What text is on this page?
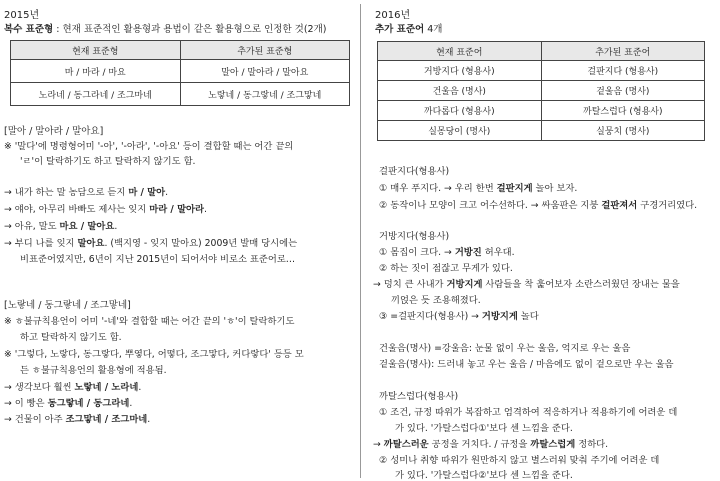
2015년
복수 표준형 : 현재 표준적인 활용형과 용법이 같은 활용형으로 인정한 것(2개)
현재 표준형	추가된 표준형
마 / 마라 / 마요	말아 / 말아라 / 말아요
노라네 / 동그라네 / 조그마네	노랗네 / 동그랗네 / 조그맣네
[말아 / 말아라 / 말아요]
※ '말다'에 명령형어미 '-아', '-아라', '-아요' 등이 결합할 때는 어간 끝의
'ㄹ'이 탈락하기도 하고 탈락하지 않기도 함.
→ 내가 하는 말 농담으로 듣지 마 / 말아.
→ 얘야, 아무리 바빠도 제사는 잊지 마라 / 말아라.
→ 아유, 말도 마요 / 말아요.
→ 부디 나를 잊지 말아요. (백지영 - 잊지 말아요) 2009년 발매 당시에는
비표준어였지만, 6년이 지난 2015년이 되어서야 비로소 표준어로…
[노랗네 / 동그랗네 / 조그맣네]
※ ㅎ불규칙용언이 어미 '-네'와 결합할 때는 어간 끝의 'ㅎ'이 탈락하기도
하고 탈락하지 않기도 함.
※ '그렇다, 노랗다, 동그랗다, 뿌옇다, 어떻다, 조그맣다, 커다랗다' 등등 모
든 ㅎ불규칙용언의 활용형에 적용됨.
→ 생각보다 훨씬 노랗네 / 노라네.
→ 이 빵은 동그랗네 / 동그라네.
→ 건물이 아주 조그맣네 / 조그마네.
2016년
추가 표준어 4개
현재 표준어	추가된 표준어
거방지다 (형용사)	걸판지다 (형용사)
건울음 (명사)	겉울음 (명사)
까다롭다 (형용사)	까탈스럽다 (형용사)
실몽당이 (명사)	실뭉치 (명사)
걸판지다(형용사)
① 매우 푸지다. → 우리 한번 걸판지게 놀아 보자.
② 동작이나 모양이 크고 어수선하다. → 싸움판은 지붕 걸판져서 구경거리였다.
거방지다(형용사)
① 몸집이 크다. → 거방진 허우대.
② 하는 짓이 점잖고 무게가 있다.
→ 덩치 큰 사내가 거방지게 사람들을 착 훑어보자 소란스러웠던 장내는 물을
끼얹은 듯 조용해졌다.
③ =걸판지다(형용사) → 거방지게 놀다
건울음(명사) =강울음: 눈물 없이 우는 울음, 억지로 우는 울음
겉울음(명사): 드러내 놓고 우는 울음 / 마음에도 없이 겉으로만 우는 울음
까탈스럽다(형용사)
① 조건, 규정 따위가 복잡하고 엄격하여 적응하거나 적용하기에 어려운 데
가 있다. '가탈스럽다①'보다 센 느낌을 준다.
→ 까탈스러운 공정을 거치다. / 규정을 까탈스럽게 정하다.
② 성미나 취향 따위가 원만하지 않고 별스러워 맞춰 주기에 어려운 데
가 있다. '가탈스럽다②'보다 센 느낌을 준다.
